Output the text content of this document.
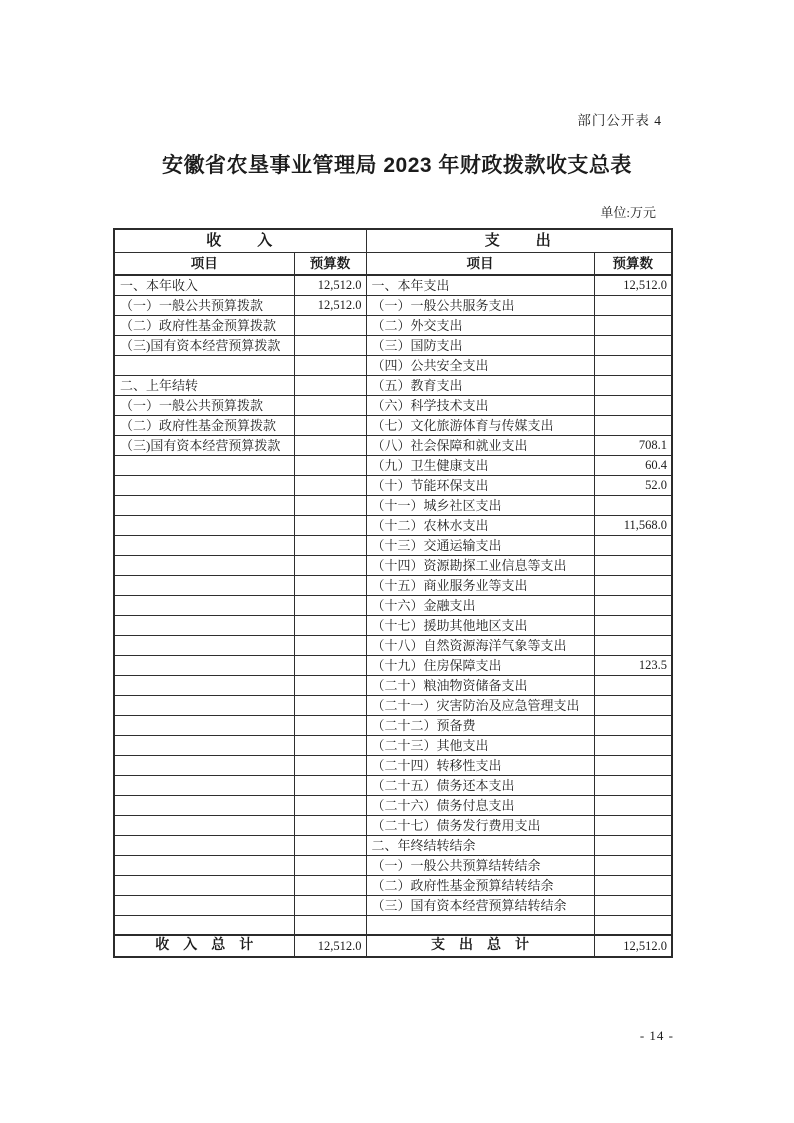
部门公开表 4
安徽省农垦事业管理局 2023 年财政拨款收支总表
单位:万元
收　　入		支　　出	
项目	预算数	项目	预算数
一、本年收入	12,512.0	一、本年支出	12,512.0
（一）一般公共预算拨款	12,512.0	（一）一般公共服务支出	
（二）政府性基金预算拨款		（二）外交支出	
（三)国有资本经营预算拨款		（三）国防支出	
		（四）公共安全支出	
二、上年结转		（五）教育支出	
（一）一般公共预算拨款		（六）科学技术支出	
（二）政府性基金预算拨款		（七）文化旅游体育与传媒支出	
（三)国有资本经营预算拨款		（八）社会保障和就业支出	708.1
		（九）卫生健康支出	60.4
		（十）节能环保支出	52.0
		（十一）城乡社区支出	
		（十二）农林水支出	11,568.0
		（十三）交通运输支出	
		（十四）资源勘探工业信息等支出	
		（十五）商业服务业等支出	
		（十六）金融支出	
		（十七）援助其他地区支出	
		（十八）自然资源海洋气象等支出	
		（十九）住房保障支出	123.5
		（二十）粮油物资储备支出	
		（二十一）灾害防治及应急管理支出	
		（二十二）预备费	
		（二十三）其他支出	
		（二十四）转移性支出	
		（二十五）债务还本支出	
		（二十六）债务付息支出	
		（二十七）债务发行费用支出	
		二、年终结转结余	
		（一）一般公共预算结转结余	
		（二）政府性基金预算结转结余	
		（三）国有资本经营预算结转结余	

收　入　总　计	12,512.0	支　出　总　计	12,512.0
- 14 -
